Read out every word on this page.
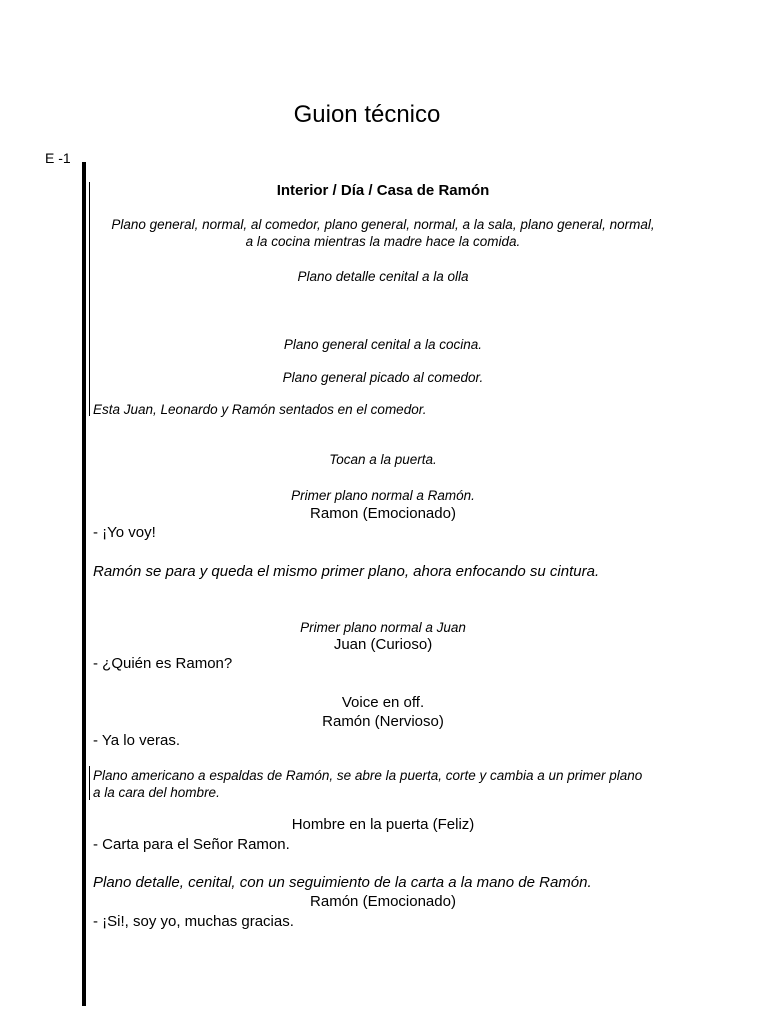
Guion técnico
E -1
Interior / Día / Casa de Ramón
Plano general, normal, al comedor, plano general, normal, a la sala, plano general, normal,
a la cocina mientras la madre hace la comida.
Plano detalle cenital a la olla
Plano general cenital a la cocina.
Plano general picado al comedor.
Esta Juan, Leonardo y Ramón sentados en el comedor.
Tocan a la puerta.
Primer plano normal a Ramón.
Ramon (Emocionado)
- ¡Yo voy!
Ramón se para y queda el mismo primer plano, ahora enfocando su cintura.
Primer plano normal a Juan
Juan (Curioso)
- ¿Quién es Ramon?
Voice en off.
Ramón (Nervioso)
- Ya lo veras.
Plano americano a espaldas de Ramón, se abre la puerta, corte y cambia a un primer plano
a la cara del hombre.
Hombre en la puerta (Feliz)
- Carta para el Señor Ramon.
Plano detalle, cenital, con un seguimiento de la carta a la mano de Ramón.
Ramón (Emocionado)
- ¡Si!, soy yo, muchas gracias.
